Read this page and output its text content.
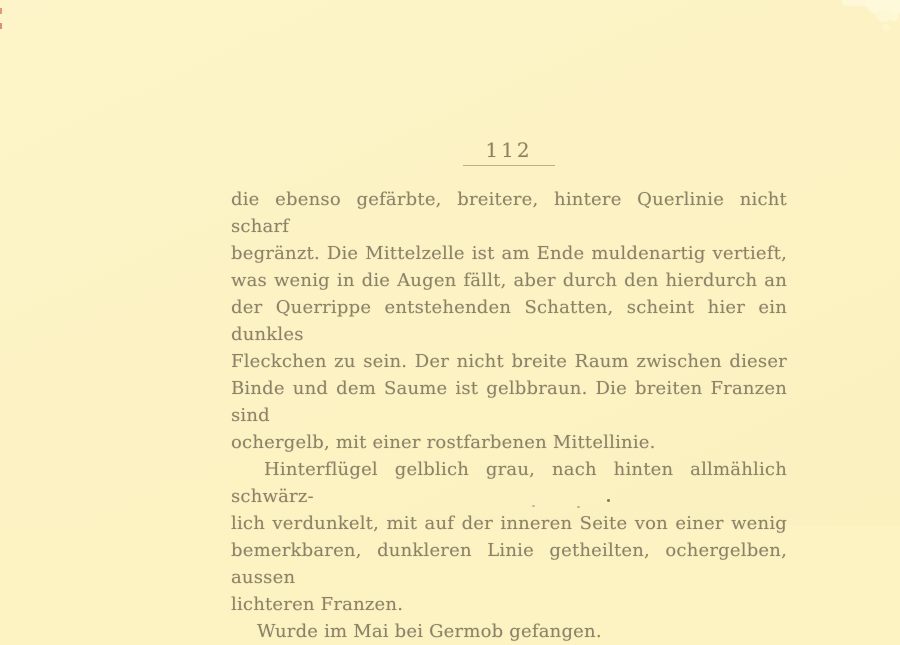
112
die ebenso gefärbte, breitere, hintere Querlinie nicht scharf
begränzt. Die Mittelzelle ist am Ende muldenartig vertieft,
was wenig in die Augen fällt, aber durch den hierdurch an
der Querrippe entstehenden Schatten, scheint hier ein dunkles
Fleckchen zu sein. Der nicht breite Raum zwischen dieser
Binde und dem Saume ist gelbbraun. Die breiten Franzen sind
ochergelb, mit einer rostfarbenen Mittellinie.
Hinterflügel gelblich grau, nach hinten allmählich schwärz-
lich verdunkelt, mit auf der inneren Seite von einer wenig
bemerkbaren, dunkleren Linie getheilten, ochergelben, aussen
lichteren Franzen.
Wurde im Mai bei Germob gefangen.
